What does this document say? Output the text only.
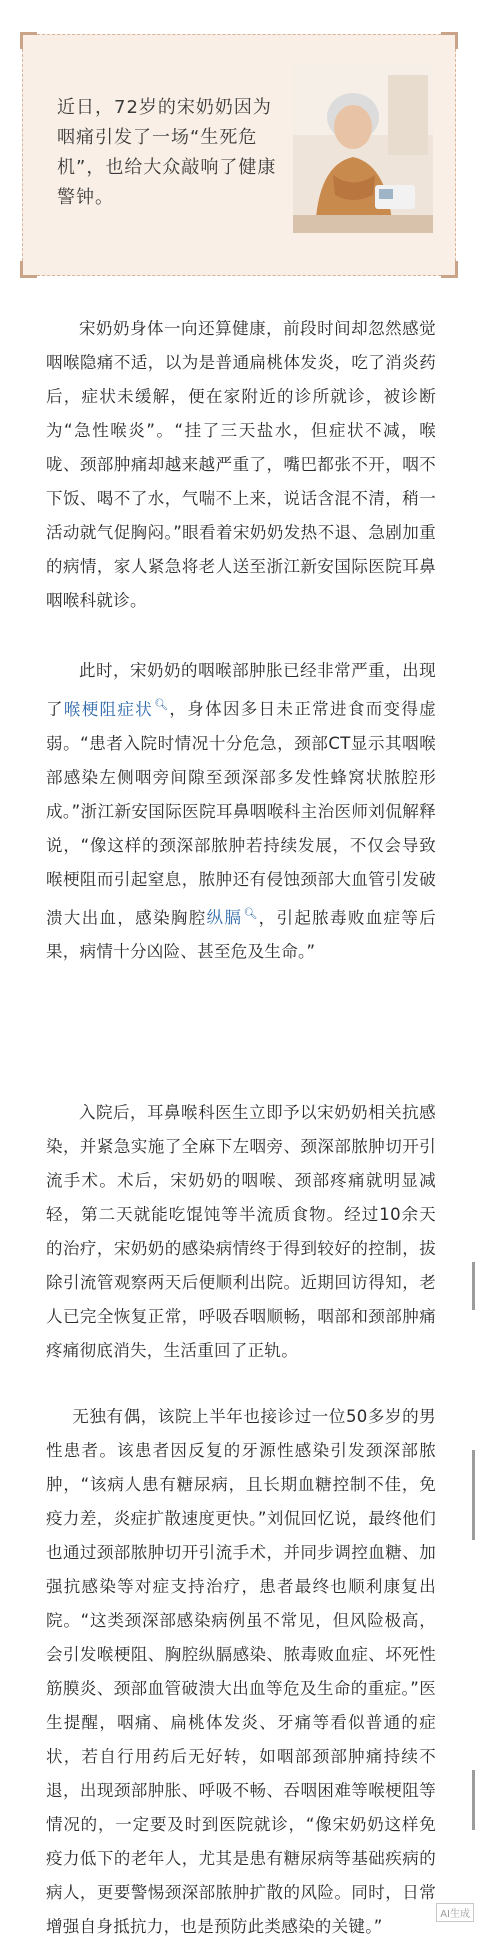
近日，72岁的宋奶奶因为咽痛引发了一场“生死危机”，也给大众敲响了健康警钟。

宋奶奶身体一向还算健康，前段时间却忽然感觉咽喉隐痛不适，以为是普通扁桃体发炎，吃了消炎药后，症状未缓解，便在家附近的诊所就诊，被诊断为“急性喉炎”。“挂了三天盐水，但症状不减，喉咙、颈部肿痛却越来越严重了，嘴巴都张不开，咽不下饭、喝不了水，气喘不上来，说话含混不清，稍一活动就气促胸闷。”眼看着宋奶奶发热不退、急剧加重的病情，家人紧急将老人送至浙江新安国际医院耳鼻咽喉科就诊。

此时，宋奶奶的咽喉部肿胀已经非常严重，出现了喉梗阻症状🔍︎，身体因多日未正常进食而变得虚弱。“患者入院时情况十分危急，颈部CT显示其咽喉部感染左侧咽旁间隙至颈深部多发性蜂窝状脓腔形成。”浙江新安国际医院耳鼻咽喉科主治医师刘侃解释说，“像这样的颈深部脓肿若持续发展，不仅会导致喉梗阻而引起窒息，脓肿还有侵蚀颈部大血管引发破溃大出血，感染胸腔纵膈🔍︎，引起脓毒败血症等后果，病情十分凶险、甚至危及生命。”

入院后，耳鼻喉科医生立即予以宋奶奶相关抗感染，并紧急实施了全麻下左咽旁、颈深部脓肿切开引流手术。术后，宋奶奶的咽喉、颈部疼痛就明显减轻，第二天就能吃馄饨等半流质食物。经过10余天的治疗，宋奶奶的感染病情终于得到较好的控制，拔除引流管观察两天后便顺利出院。近期回访得知，老人已完全恢复正常，呼吸吞咽顺畅，咽部和颈部肿痛疼痛彻底消失，生活重回了正轨。

无独有偶，该院上半年也接诊过一位50多岁的男性患者。该患者因反复的牙源性感染引发颈深部脓肿，“该病人患有糖尿病，且长期血糖控制不佳，免疫力差，炎症扩散速度更快。”刘侃回忆说，最终他们也通过颈部脓肿切开引流手术，并同步调控血糖、加强抗感染等对症支持治疗，患者最终也顺利康复出院。“这类颈深部感染病例虽不常见，但风险极高，会引发喉梗阻、胸腔纵膈感染、脓毒败血症、坏死性筋膜炎、颈部血管破溃大出血等危及生命的重症。”医生提醒，咽痛、扁桃体发炎、牙痛等看似普通的症状，若自行用药后无好转，如咽部颈部肿痛持续不退，出现颈部肿胀、呼吸不畅、吞咽困难等喉梗阻等情况的，一定要及时到医院就诊，“像宋奶奶这样免疫力低下的老年人，尤其是患有糖尿病等基础疾病的病人，更要警惕颈深部脓肿扩散的风险。同时，日常增强自身抵抗力，也是预防此类感染的关键。”

AI生成
